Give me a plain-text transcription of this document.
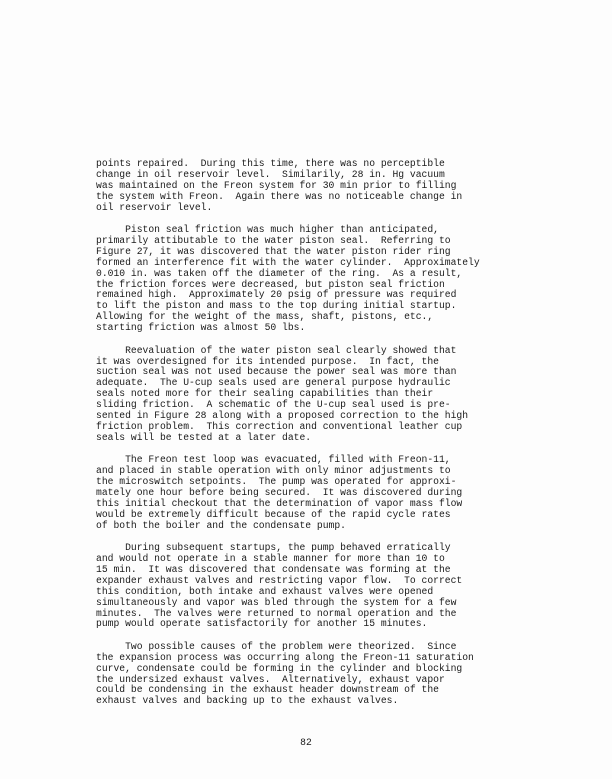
points repaired.  During this time, there was no perceptible
change in oil reservoir level.  Similarily, 28 in. Hg vacuum
was maintained on the Freon system for 30 min prior to filling
the system with Freon.  Again there was no noticeable change in
oil reservoir level.
Piston seal friction was much higher than anticipated,
primarily attibutable to the water piston seal.  Referring to
Figure 27, it was discovered that the water piston rider ring
formed an interference fit with the water cylinder.  Approximately
0.010 in. was taken off the diameter of the ring.  As a result,
the friction forces were decreased, but piston seal friction
remained high.  Approximately 20 psig of pressure was required
to lift the piston and mass to the top during initial startup.
Allowing for the weight of the mass, shaft, pistons, etc.,
starting friction was almost 50 lbs.
Reevaluation of the water piston seal clearly showed that
it was overdesigned for its intended purpose.  In fact, the
suction seal was not used because the power seal was more than
adequate.  The U-cup seals used are general purpose hydraulic
seals noted more for their sealing capabilities than their
sliding friction.  A schematic of the U-cup seal used is pre-
sented in Figure 28 along with a proposed correction to the high
friction problem.  This correction and conventional leather cup
seals will be tested at a later date.
The Freon test loop was evacuated, filled with Freon-11,
and placed in stable operation with only minor adjustments to
the microswitch setpoints.  The pump was operated for approxi-
mately one hour before being secured.  It was discovered during
this initial checkout that the determination of vapor mass flow
would be extremely difficult because of the rapid cycle rates
of both the boiler and the condensate pump.
During subsequent startups, the pump behaved erratically
and would not operate in a stable manner for more than 10 to
15 min.  It was discovered that condensate was forming at the
expander exhaust valves and restricting vapor flow.  To correct
this condition, both intake and exhaust valves were opened
simultaneously and vapor was bled through the system for a few
minutes.  The valves were returned to normal operation and the
pump would operate satisfactorily for another 15 minutes.
Two possible causes of the problem were theorized.  Since
the expansion process was occurring along the Freon-11 saturation
curve, condensate could be forming in the cylinder and blocking
the undersized exhaust valves.  Alternatively, exhaust vapor
could be condensing in the exhaust header downstream of the
exhaust valves and backing up to the exhaust valves.
82
